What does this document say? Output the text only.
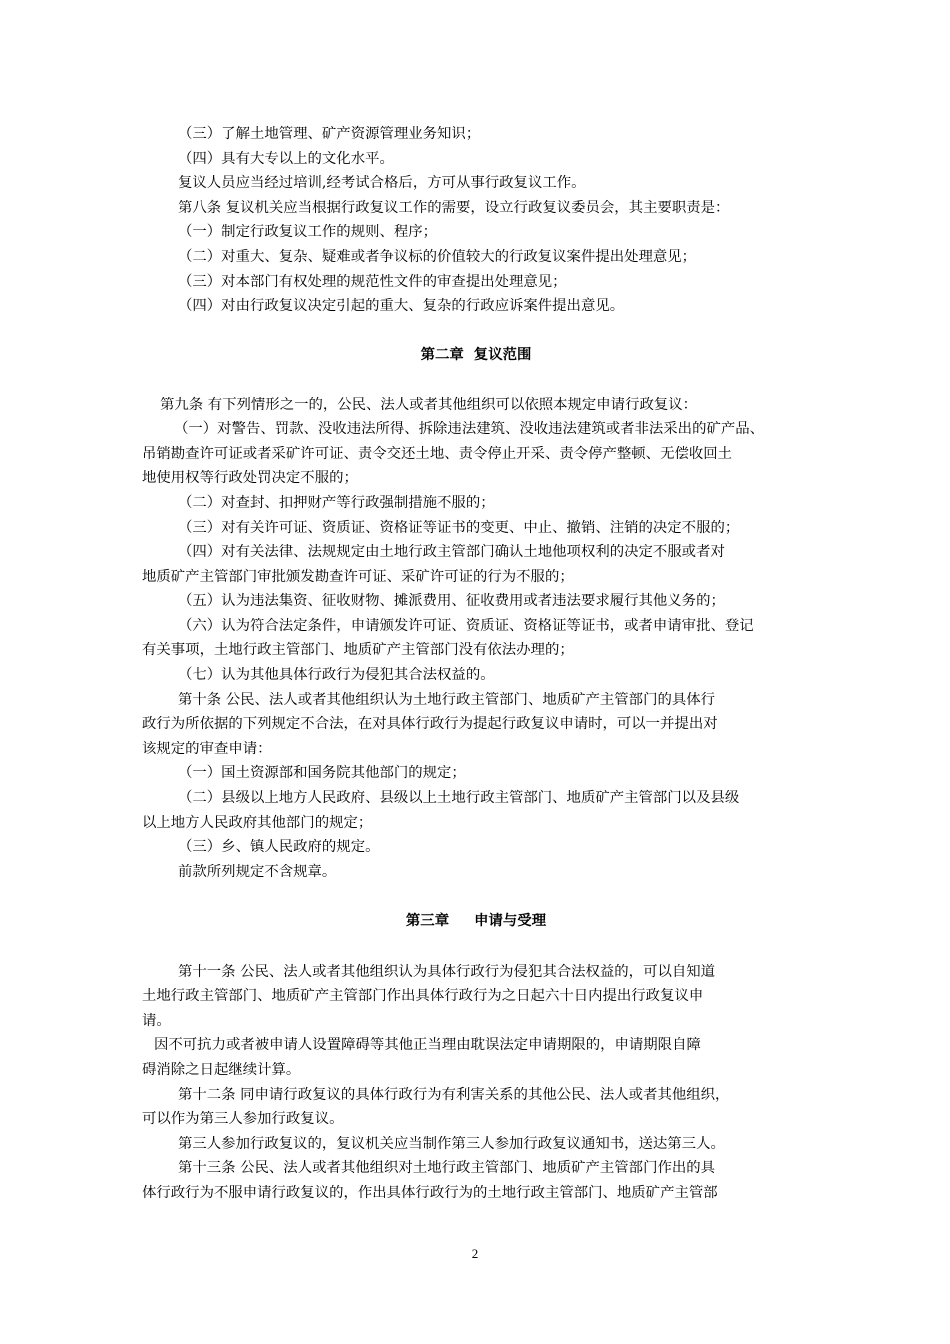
（三）了解土地管理、矿产资源管理业务知识；
（四）具有大专以上的文化水平。
复议人员应当经过培训,经考试合格后，方可从事行政复议工作。
第八条 复议机关应当根据行政复议工作的需要，设立行政复议委员会，其主要职责是：
（一）制定行政复议工作的规则、程序；
（二）对重大、复杂、疑难或者争议标的价值较大的行政复议案件提出处理意见；
（三）对本部门有权处理的规范性文件的审查提出处理意见；
（四）对由行政复议决定引起的重大、复杂的行政应诉案件提出意见。
第二章  复议范围
第九条 有下列情形之一的，公民、法人或者其他组织可以依照本规定申请行政复议：
（一）对警告、罚款、没收违法所得、拆除违法建筑、没收违法建筑或者非法采出的矿产品、
吊销勘查许可证或者采矿许可证、责令交还土地、责令停止开采、责令停产整顿、无偿收回土
地使用权等行政处罚决定不服的；
（二）对查封、扣押财产等行政强制措施不服的；
（三）对有关许可证、资质证、资格证等证书的变更、中止、撤销、注销的决定不服的；
（四）对有关法律、法规规定由土地行政主管部门确认土地他项权利的决定不服或者对
地质矿产主管部门审批颁发勘查许可证、采矿许可证的行为不服的；
（五）认为违法集资、征收财物、摊派费用、征收费用或者违法要求履行其他义务的；
（六）认为符合法定条件，申请颁发许可证、资质证、资格证等证书，或者申请审批、登记
有关事项，土地行政主管部门、地质矿产主管部门没有依法办理的；
（七）认为其他具体行政行为侵犯其合法权益的。
第十条 公民、法人或者其他组织认为土地行政主管部门、地质矿产主管部门的具体行
政行为所依据的下列规定不合法，在对具体行政行为提起行政复议申请时，可以一并提出对
该规定的审查申请：
（一）国土资源部和国务院其他部门的规定；
（二）县级以上地方人民政府、县级以上土地行政主管部门、地质矿产主管部门以及县级
以上地方人民政府其他部门的规定；
（三）乡、镇人民政府的规定。
前款所列规定不含规章。
第三章     申请与受理
第十一条 公民、法人或者其他组织认为具体行政行为侵犯其合法权益的，可以自知道
土地行政主管部门、地质矿产主管部门作出具体行政行为之日起六十日内提出行政复议申
请。
因不可抗力或者被申请人设置障碍等其他正当理由耽误法定申请期限的，申请期限自障
碍消除之日起继续计算。
第十二条 同申请行政复议的具体行政行为有利害关系的其他公民、法人或者其他组织，
可以作为第三人参加行政复议。
第三人参加行政复议的，复议机关应当制作第三人参加行政复议通知书，送达第三人。
第十三条 公民、法人或者其他组织对土地行政主管部门、地质矿产主管部门作出的具
体行政行为不服申请行政复议的，作出具体行政行为的土地行政主管部门、地质矿产主管部
2
